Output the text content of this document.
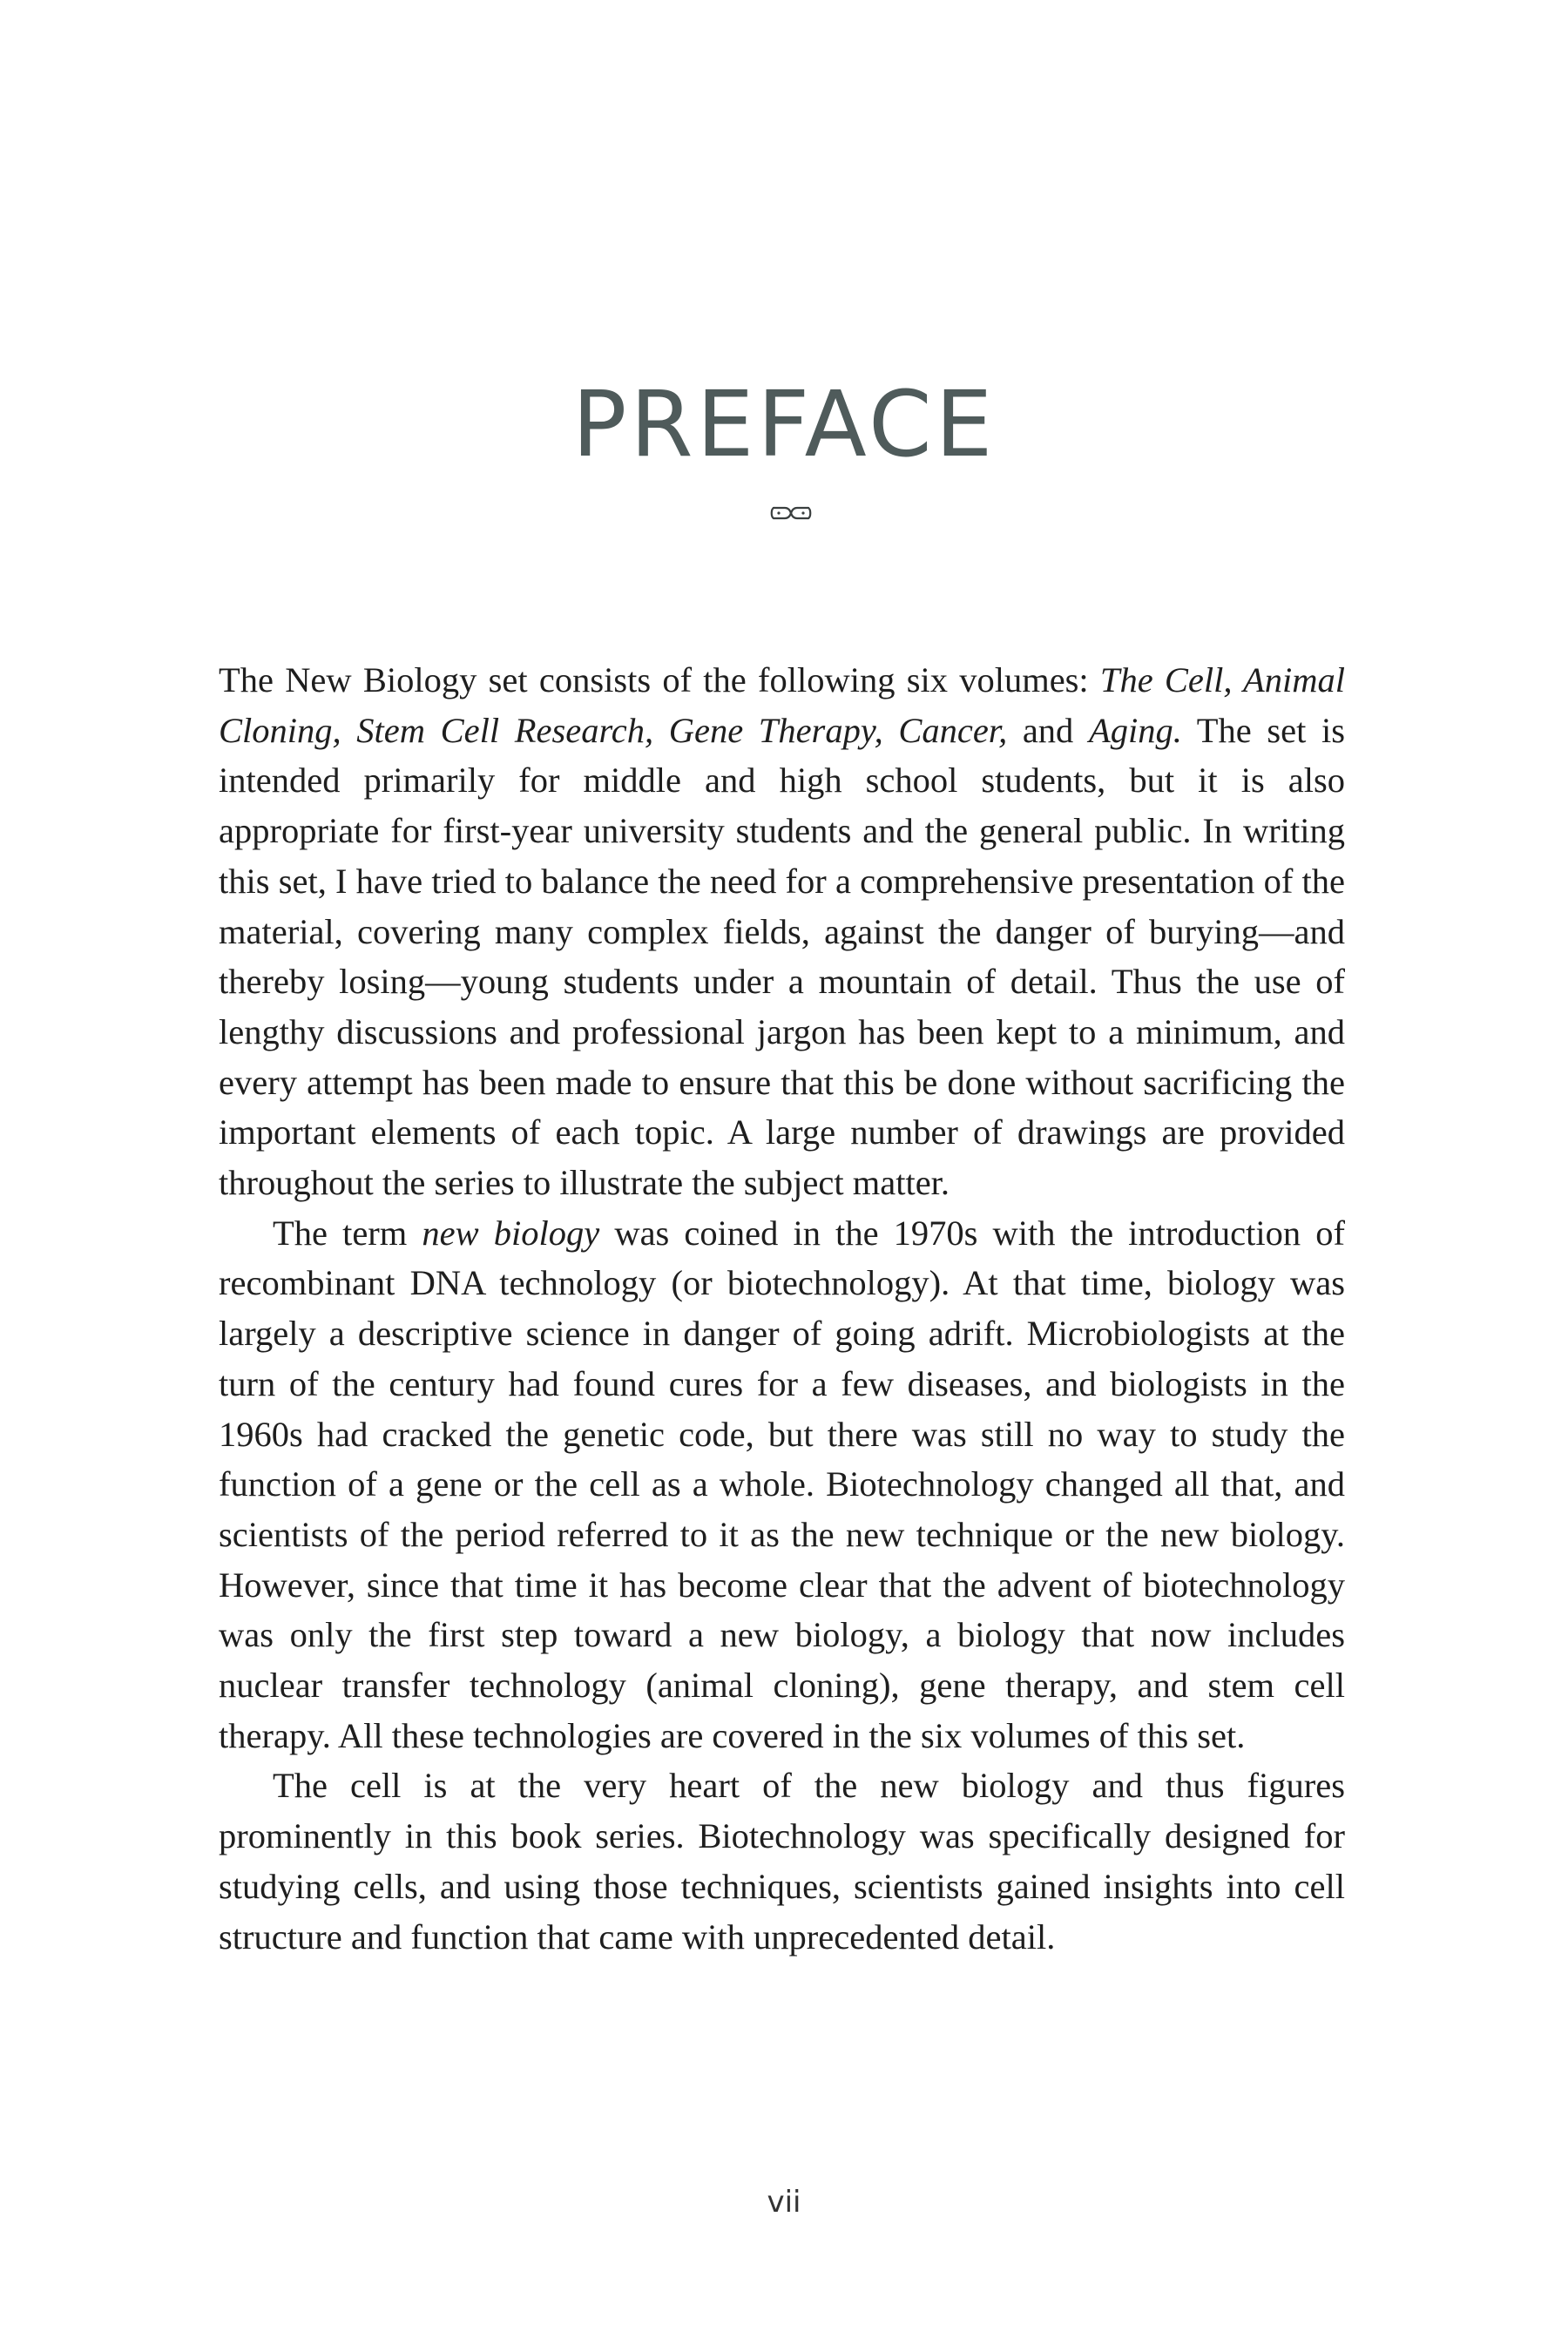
PREFACE

The New Biology set consists of the following six volumes: The Cell, Animal Cloning, Stem Cell Research, Gene Therapy, Cancer, and Aging. The set is intended primarily for middle and high school students, but it is also appropriate for first-year university students and the general public. In writing this set, I have tried to balance the need for a comprehensive presentation of the material, covering many complex fields, against the danger of burying—and thereby losing—young students under a mountain of detail. Thus the use of lengthy discussions and professional jargon has been kept to a minimum, and every attempt has been made to ensure that this be done without sacrificing the important elements of each topic. A large number of drawings are provided throughout the series to illustrate the subject matter.

The term new biology was coined in the 1970s with the introduction of recombinant DNA technology (or biotechnology). At that time, biology was largely a descriptive science in danger of going adrift. Microbiologists at the turn of the century had found cures for a few diseases, and biologists in the 1960s had cracked the genetic code, but there was still no way to study the function of a gene or the cell as a whole. Biotechnology changed all that, and scientists of the period referred to it as the new technique or the new biology. However, since that time it has become clear that the advent of biotechnology was only the first step toward a new biology, a biology that now includes nuclear transfer technology (animal cloning), gene therapy, and stem cell therapy. All these technologies are covered in the six volumes of this set.

The cell is at the very heart of the new biology and thus figures prominently in this book series. Biotechnology was specifically designed for studying cells, and using those techniques, scientists gained insights into cell structure and function that came with unprecedented detail.

vii
